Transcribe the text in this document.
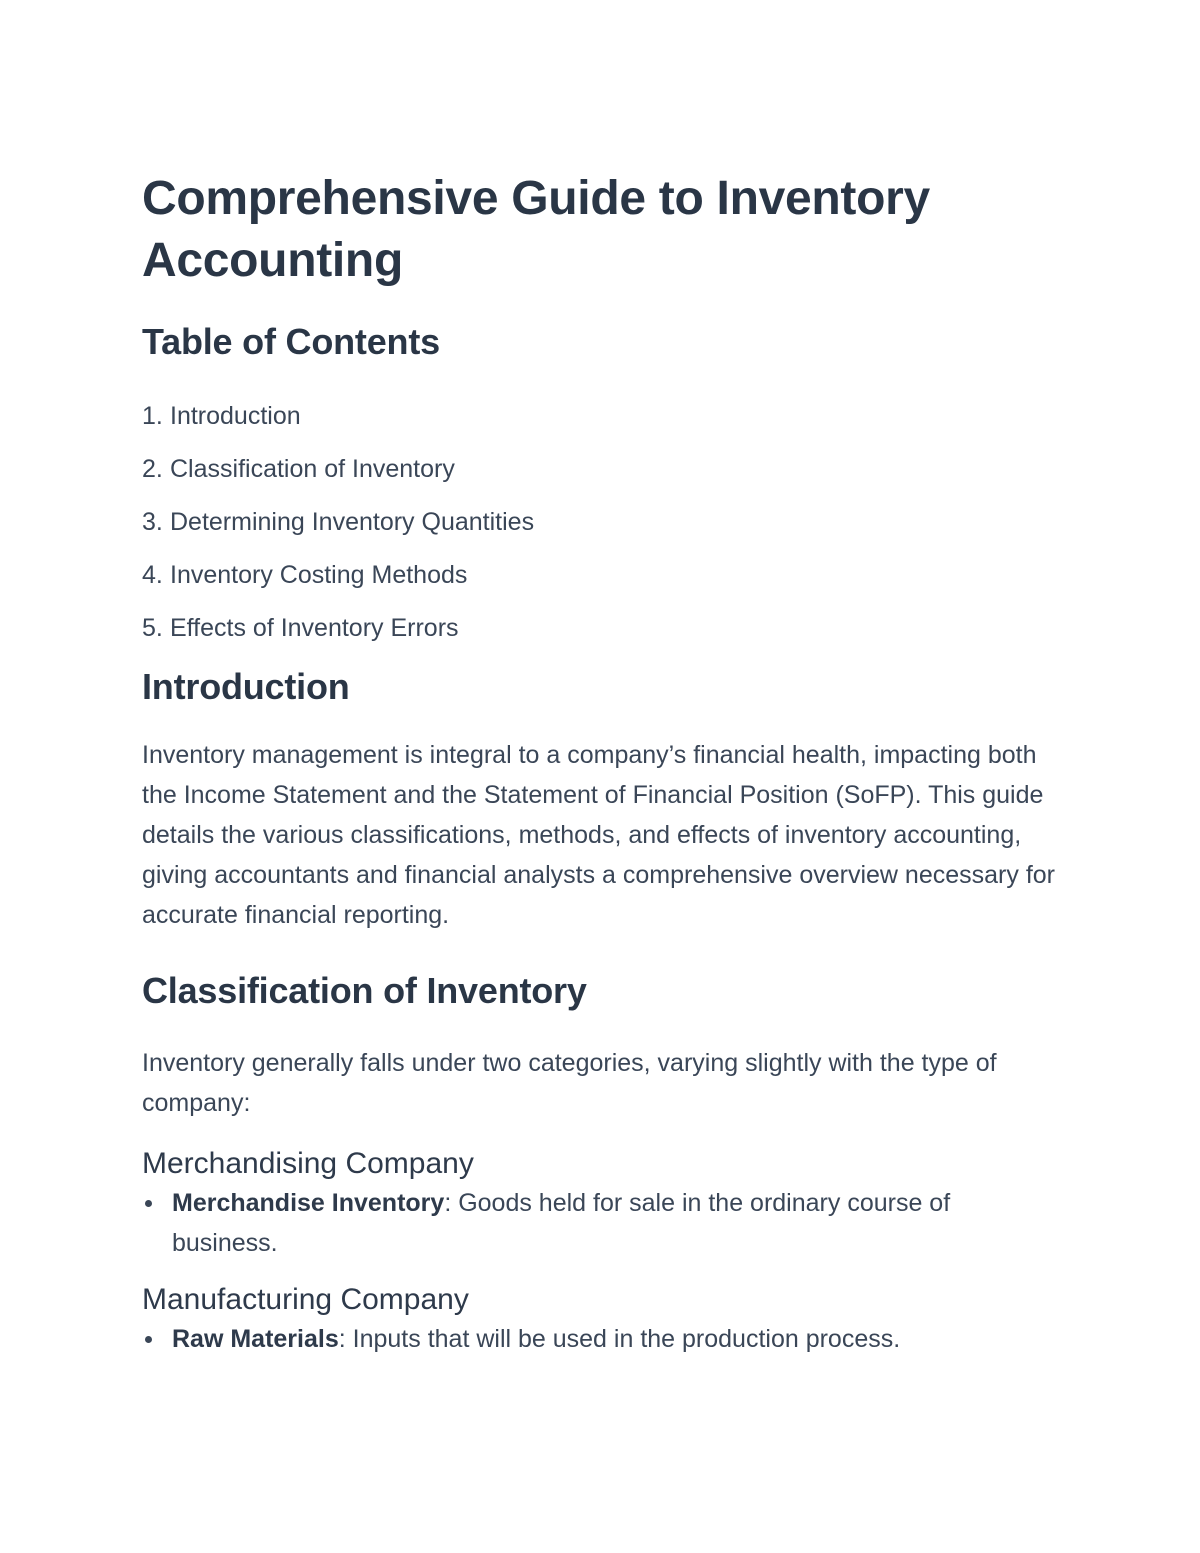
Comprehensive Guide to Inventory Accounting
Table of Contents
1. Introduction
2. Classification of Inventory
3. Determining Inventory Quantities
4. Inventory Costing Methods
5. Effects of Inventory Errors
Introduction

Inventory management is integral to a company’s financial health, impacting both the Income Statement and the Statement of Financial Position (SoFP). This guide details the various classifications, methods, and effects of inventory accounting, giving accountants and financial analysts a comprehensive overview necessary for accurate financial reporting.

Classification of Inventory

Inventory generally falls under two categories, varying slightly with the type of company:

Merchandising Company
Merchandise Inventory: Goods held for sale in the ordinary course of business.
Manufacturing Company
Raw Materials: Inputs that will be used in the production process.
